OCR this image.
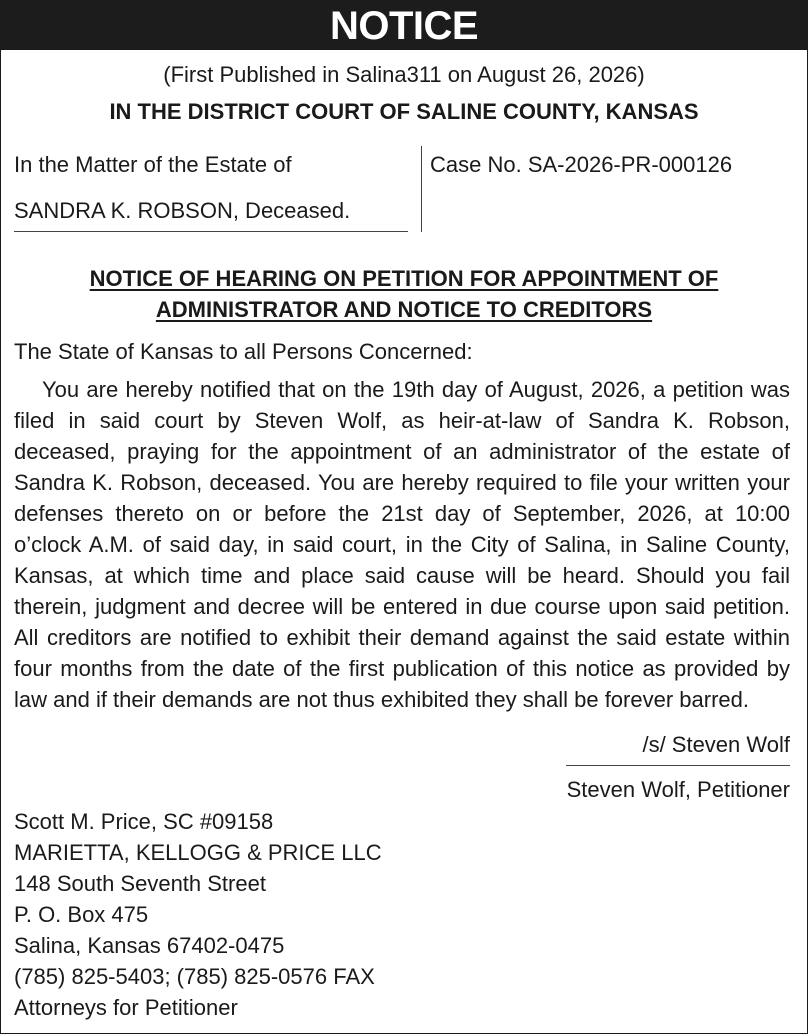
NOTICE
(First Published in Salina311 on August 26, 2026)
IN THE DISTRICT COURT OF SALINE COUNTY, KANSAS
In the Matter of the Estate of
SANDRA K. ROBSON, Deceased.
Case No. SA-2026-PR-000126
NOTICE OF HEARING ON PETITION FOR APPOINTMENT OF
ADMINISTRATOR AND NOTICE TO CREDITORS
The State of Kansas to all Persons Concerned:
You are hereby notified that on the 19th day of August, 2026, a petition was filed in said court by Steven Wolf, as heir-at-law of Sandra K. Robson, deceased, praying for the appointment of an administrator of the estate of Sandra K. Robson, deceased. You are hereby required to file your written your defenses thereto on or before the 21st day of September, 2026, at 10:00 o’clock A.M. of said day, in said court, in the City of Salina, in Saline County, Kansas, at which time and place said cause will be heard. Should you fail therein, judgment and decree will be entered in due course upon said petition. All creditors are notified to exhibit their demand against the said estate within four months from the date of the first publication of this notice as provided by law and if their demands are not thus exhibited they shall be forever barred.
/s/ Steven Wolf
Steven Wolf, Petitioner
Scott M. Price, SC #09158
MARIETTA, KELLOGG & PRICE LLC
148 South Seventh Street
P. O. Box 475
Salina, Kansas 67402-0475
(785) 825-5403; (785) 825-0576 FAX
Attorneys for Petitioner
